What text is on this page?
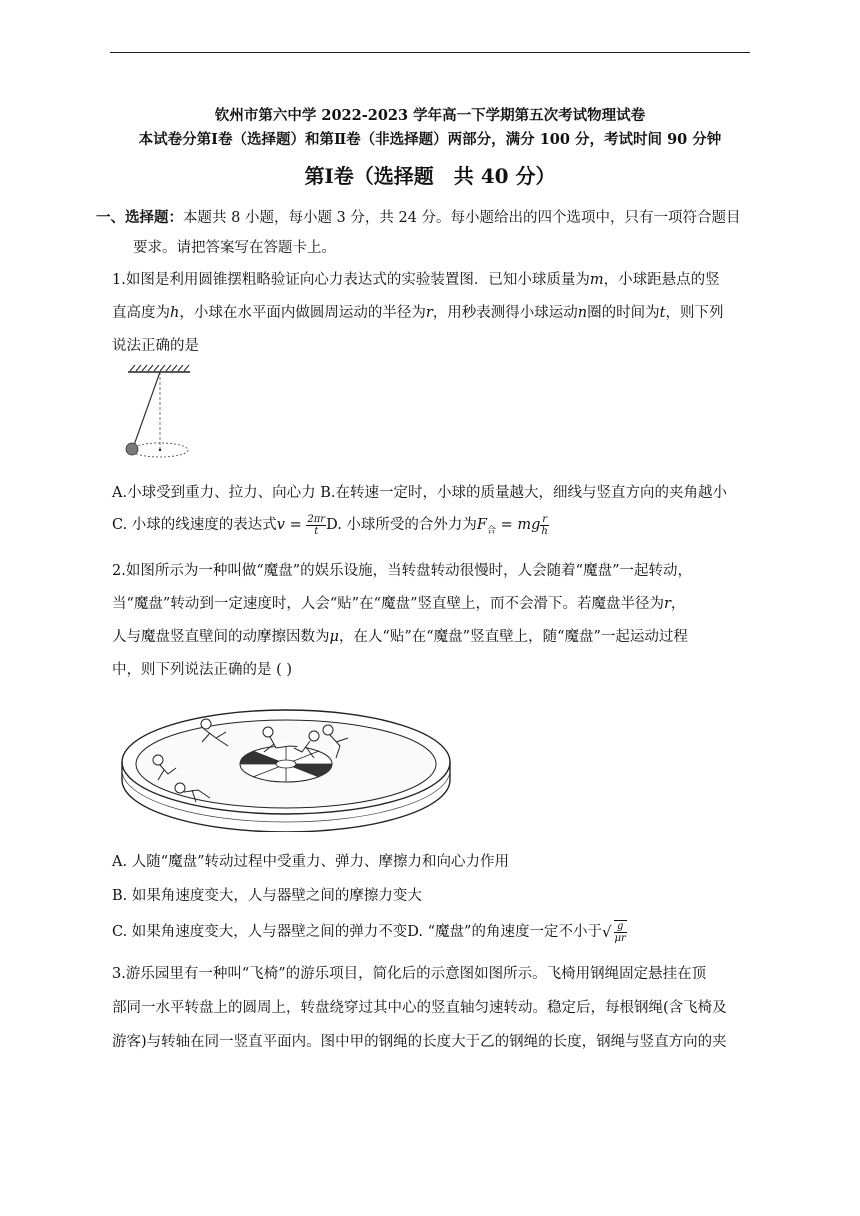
钦州市第六中学 2022-2023 学年高一下学期第五次考试物理试卷
本试卷分第Ⅰ卷（选择题）和第Ⅱ卷（非选择题）两部分，满分 100 分，考试时间 90 分钟
第Ⅰ卷（选择题　共 40 分）
一、选择题：本题共 8 小题，每小题 3 分，共 24 分。每小题给出的四个选项中，只有一项符合题目
要求。请把答案写在答题卡上。
1.如图是利用圆锥摆粗略验证向心力表达式的实验装置图．已知小球质量为m，小球距悬点的竖
直高度为h，小球在水平面内做圆周运动的半径为r，用秒表测得小球运动n圈的时间为t，则下列
说法正确的是
A.小球受到重力、拉力、向心力 B.在转速一定时，小球的质量越大，细线与竖直方向的夹角越小
C. 小球的线速度的表达式$v = \frac{2\pi r}{t} D$. 小球所受的合外力为$F_合$ = mg $\frac{r}{h}$
2.如图所示为一种叫做“魔盘”的娱乐设施，当转盘转动很慢时，人会随着“魔盘”一起转动，
当“魔盘”转动到一定速度时，人会“贴”在“魔盘”竖直壁上，而不会滑下。若魔盘半径为r，
人与魔盘竖直壁间的动摩擦因数为μ，在人“贴”在“魔盘”竖直壁上，随“魔盘”一起运动过程
中，则下列说法正确的是 ( )
A. 人随“魔盘”转动过程中受重力、弹力、摩擦力和向心力作用
B. 如果角速度变大，人与器壁之间的摩擦力变大
C. 如果角速度变大，人与器壁之间的弹力不变D. “魔盘”的角速度一定不小于√ $\frac{g}{\mu r}$
3.游乐园里有一种叫“飞椅”的游乐项目，简化后的示意图如图所示。飞椅用钢绳固定悬挂在顶
部同一水平转盘上的圆周上，转盘绕穿过其中心的竖直轴匀速转动。稳定后，每根钢绳(含飞椅及
游客)与转轴在同一竖直平面内。图中甲的钢绳的长度大于乙的钢绳的长度，钢绳与竖直方向的夹
